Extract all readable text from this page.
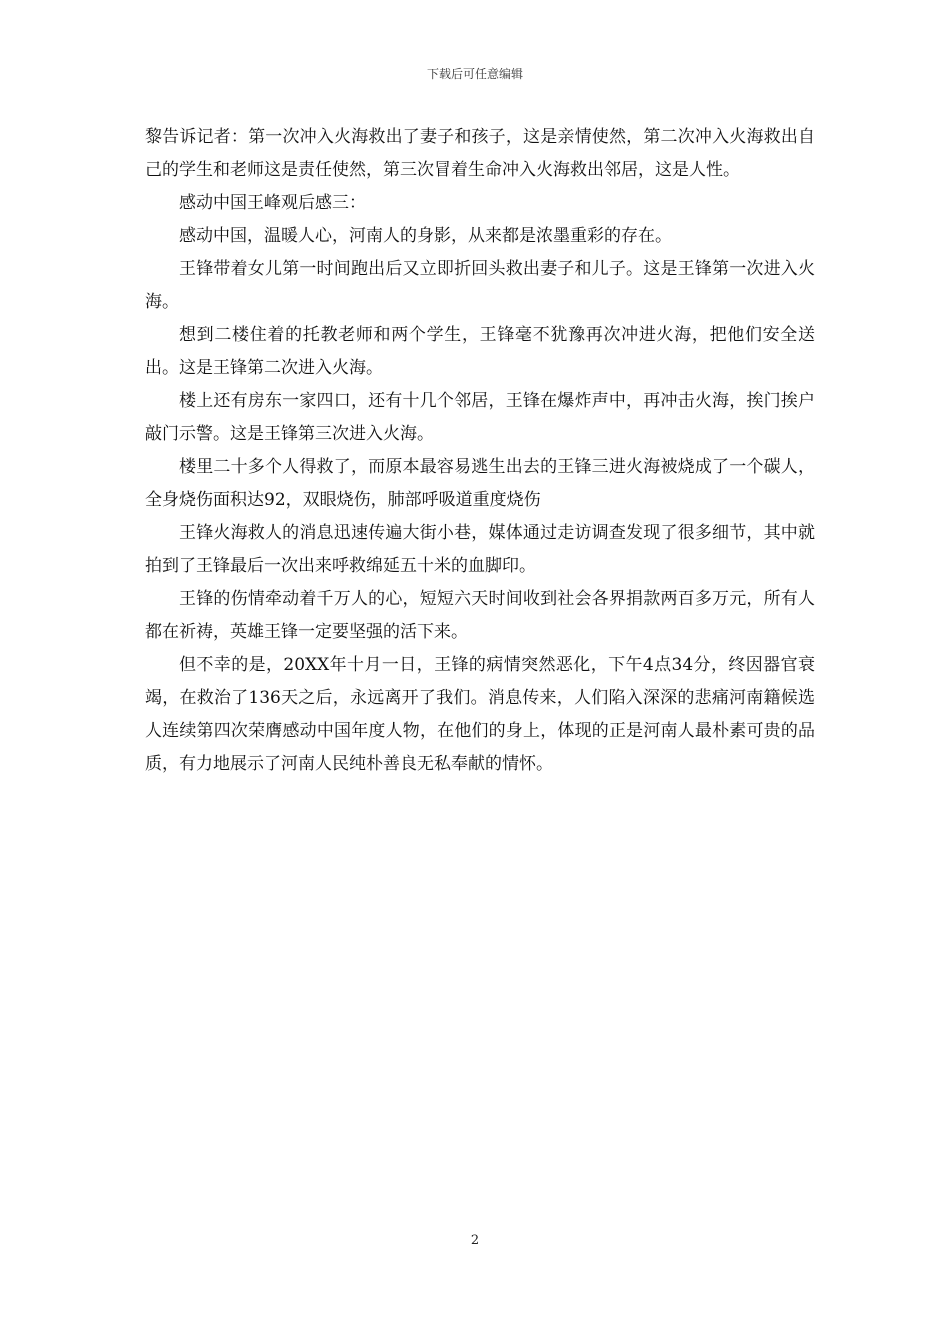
下载后可任意编辑

黎告诉记者：第一次冲入火海救出了妻子和孩子，这是亲情使然，第二次冲入火海救出自己的学生和老师这是责任使然，第三次冒着生命冲入火海救出邻居，这是人性。

感动中国王峰观后感三：

感动中国，温暖人心，河南人的身影，从来都是浓墨重彩的存在。

王锋带着女儿第一时间跑出后又立即折回头救出妻子和儿子。这是王锋第一次进入火海。

想到二楼住着的托教老师和两个学生，王锋毫不犹豫再次冲进火海，把他们安全送出。这是王锋第二次进入火海。

楼上还有房东一家四口，还有十几个邻居，王锋在爆炸声中，再冲击火海，挨门挨户敲门示警。这是王锋第三次进入火海。

楼里二十多个人得救了，而原本最容易逃生出去的王锋三进火海被烧成了一个碳人，全身烧伤面积达92，双眼烧伤，肺部呼吸道重度烧伤

王锋火海救人的消息迅速传遍大街小巷，媒体通过走访调查发现了很多细节，其中就拍到了王锋最后一次出来呼救绵延五十米的血脚印。

王锋的伤情牵动着千万人的心，短短六天时间收到社会各界捐款两百多万元，所有人都在祈祷，英雄王锋一定要坚强的活下来。

但不幸的是，20XX年十月一日，王锋的病情突然恶化，下午4点34分，终因器官衰竭，在救治了136天之后，永远离开了我们。消息传来，人们陷入深深的悲痛河南籍候选人连续第四次荣膺感动中国年度人物，在他们的身上，体现的正是河南人最朴素可贵的品质，有力地展示了河南人民纯朴善良无私奉献的情怀。

2
